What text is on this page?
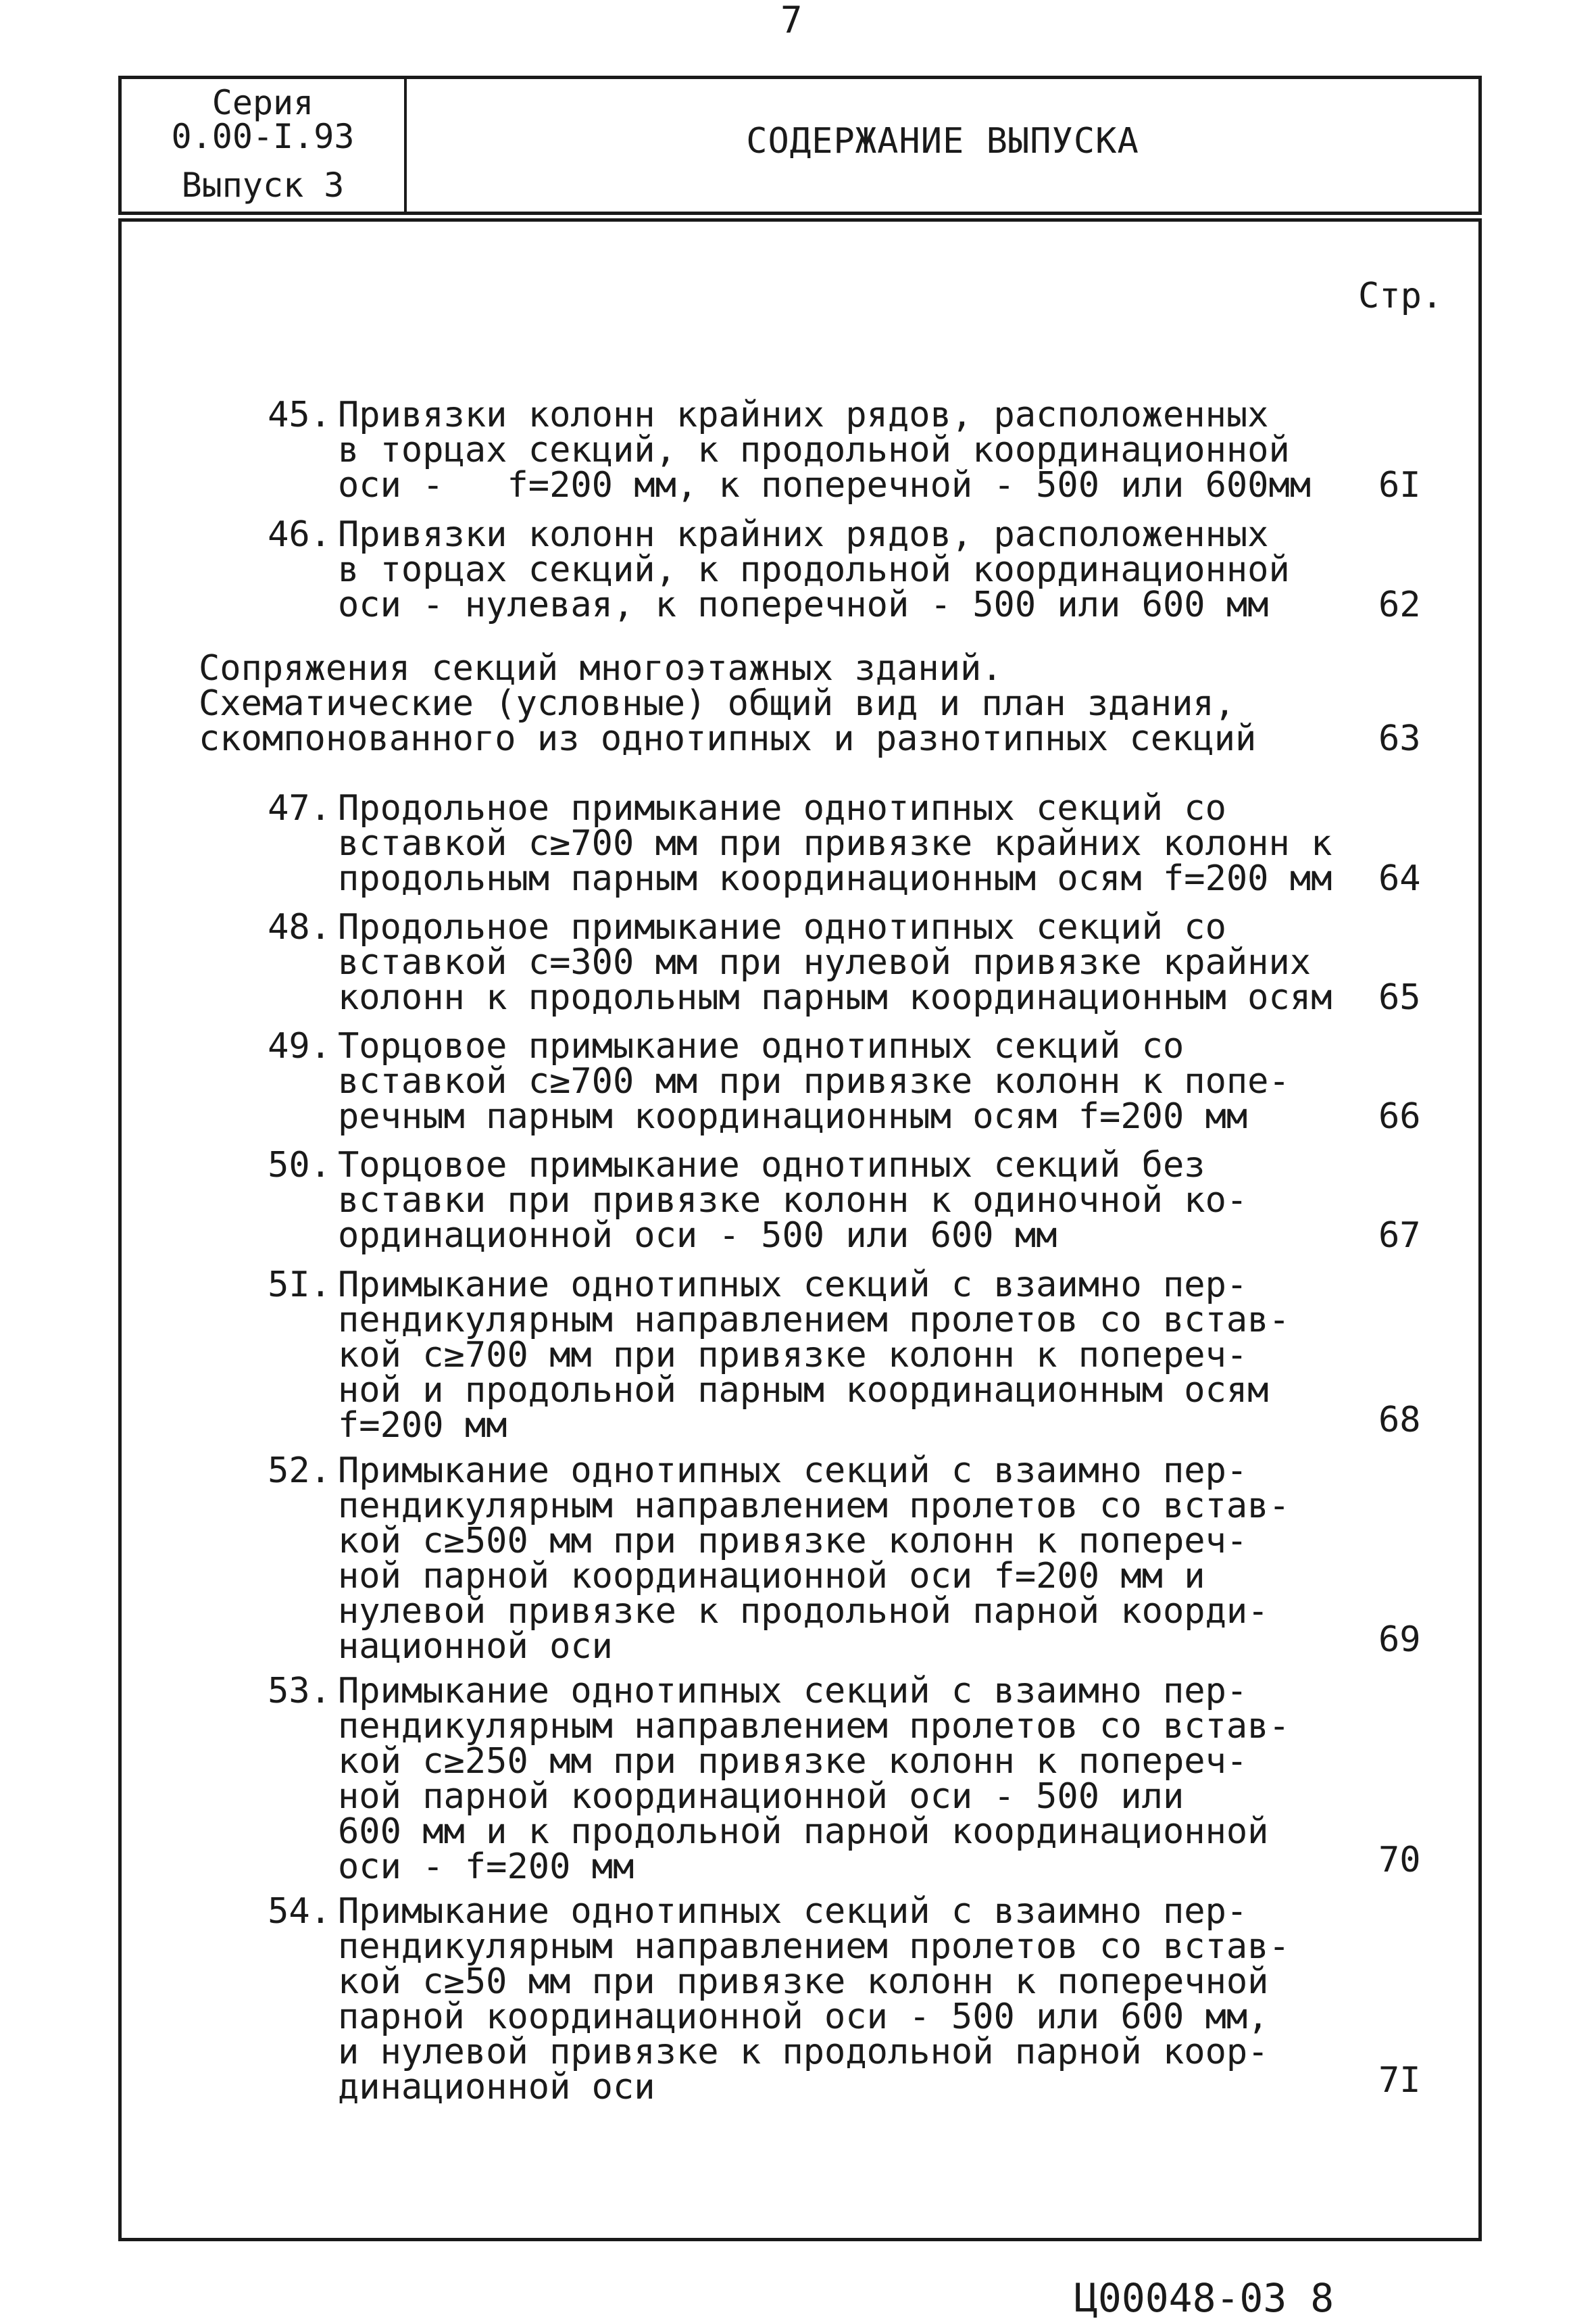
7
Серия
0.00-I.93
Выпуск 3
СОДЕРЖАНИЕ ВЫПУСКА
Стр.
45. Привязки колонн крайних рядов, расположенных
в торцах секций, к продольной координационной
оси -   f=200 мм, к поперечной - 500 или 600мм 6I
46. Привязки колонн крайних рядов, расположенных
в торцах секций, к продольной координационной
оси - нулевая, к поперечной - 500 или 600 мм	62
Сопряжения секций многоэтажных зданий.
Схематические (условные) общий вид и план здания,
скомпонованного из однотипных и разнотипных секций	63
47. Продольное примыкание однотипных секций со
вставкой c≥700 мм при привязке крайних колонн к
продольным парным координационным осям f=200 мм 64
48. Продольное примыкание однотипных секций со
вставкой c=300 мм при нулевой привязке крайних
колонн к продольным парным координационным осям 65
49. Торцовое примыкание однотипных секций со
вставкой c≥700 мм при привязке колонн к попе-
речным парным координационным осям f=200 мм	66
50. Торцовое примыкание однотипных секций без
вставки при привязке колонн к одиночной ко-
ординационной оси - 500 или 600 мм	67
5I. Примыкание однотипных секций с взаимно пер-
пендикулярным направлением пролетов со встав-
кой c≥700 мм при привязке колонн к попереч-
ной и продольной парным координационным осям
f=200 мм	68
52. Примыкание однотипных секций с взаимно пер-
пендикулярным направлением пролетов со встав-
кой c≥500 мм при привязке колонн к попереч-
ной парной координационной оси f=200 мм и
нулевой привязке к продольной парной коорди-
национной оси	69
53. Примыкание однотипных секций с взаимно пер-
пендикулярным направлением пролетов со встав-
кой c≥250 мм при привязке колонн к попереч-
ной парной координационной оси - 500 или
600 мм и к продольной парной координационной
оси - f=200 мм	70
54. Примыкание однотипных секций с взаимно пер-
пендикулярным направлением пролетов со встав-
кой c≥50 мм при привязке колонн к поперечной
парной координационной оси - 500 или 600 мм,
и нулевой привязке к продольной парной коор-
динационной оси	7I
Ц00048-03 8
